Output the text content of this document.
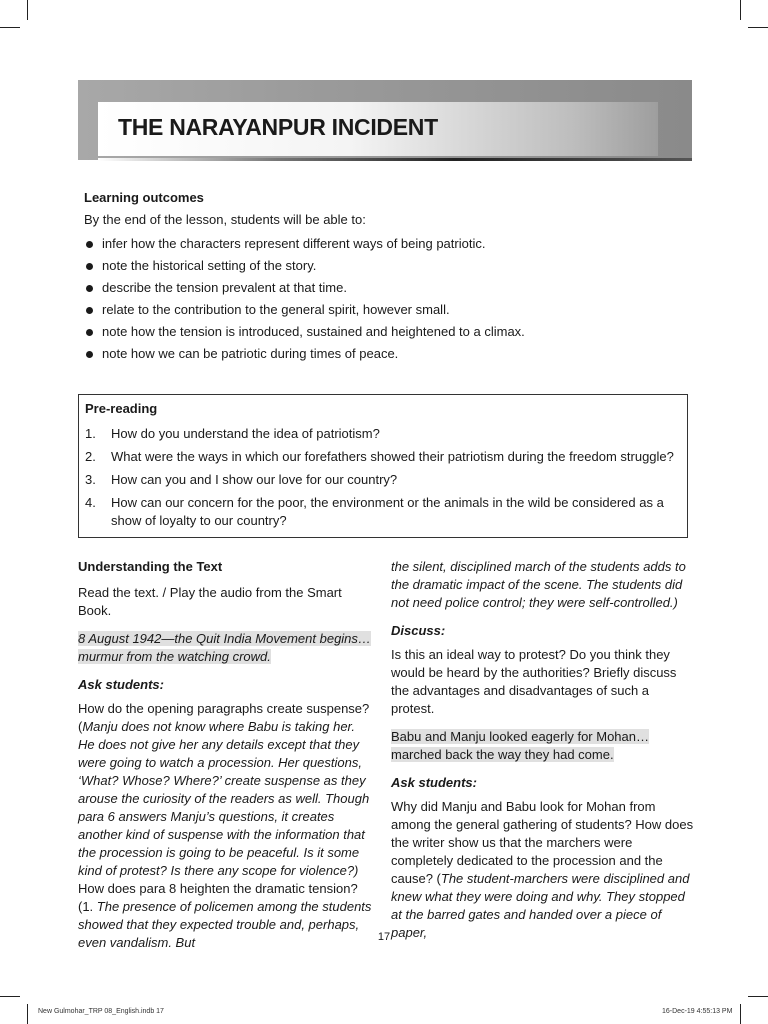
THE NARAYANPUR INCIDENT
Learning outcomes

By the end of the lesson, students will be able to:

infer how the characters represent different ways of being patriotic.
note the historical setting of the story.
describe the tension prevalent at that time.
relate to the contribution to the general spirit, however small.
note how the tension is introduced, sustained and heightened to a climax.
note how we can be patriotic during times of peace.
Pre-reading
1. How do you understand the idea of patriotism?
2. What were the ways in which our forefathers showed their patriotism during the freedom struggle?
3. How can you and I show our love for our country?
4. How can our concern for the poor, the environment or the animals in the wild be considered as a show of loyalty to our country?
Understanding the Text

Read the text. / Play the audio from the Smart Book.

8 August 1942—the Quit India Movement begins… murmur from the watching crowd.

Ask students:

How do the opening paragraphs create suspense?
(Manju does not know where Babu is taking her. He does not give her any details except that they were going to watch a procession. Her questions, ‘What? Whose? Where?’ create suspense as they arouse the curiosity of the readers as well. Though para 6 answers Manju’s questions, it creates another kind of suspense with the information that the procession is going to be peaceful. Is it some kind of protest? Is there any scope for violence?) How does para 8 heighten the dramatic tension? (1. The presence of policemen among the students showed that they expected trouble and, perhaps, even vandalism. But

the silent, disciplined march of the students adds to the dramatic impact of the scene. The students did not need police control; they were self-controlled.)

Discuss:

Is this an ideal way to protest? Do you think they would be heard by the authorities? Briefly discuss the advantages and disadvantages of such a protest.

Babu and Manju looked eagerly for Mohan… marched back the way they had come.

Ask students:

Why did Manju and Babu look for Mohan from among the general gathering of students? How does the writer show us that the marchers were completely dedicated to the procession and the cause? (The student-marchers were disciplined and knew what they were doing and why. They stopped at the barred gates and handed over a piece of paper,

17
New Gulmohar_TRP 08_English.indb 17	16-Dec-19 4:55:13 PM
